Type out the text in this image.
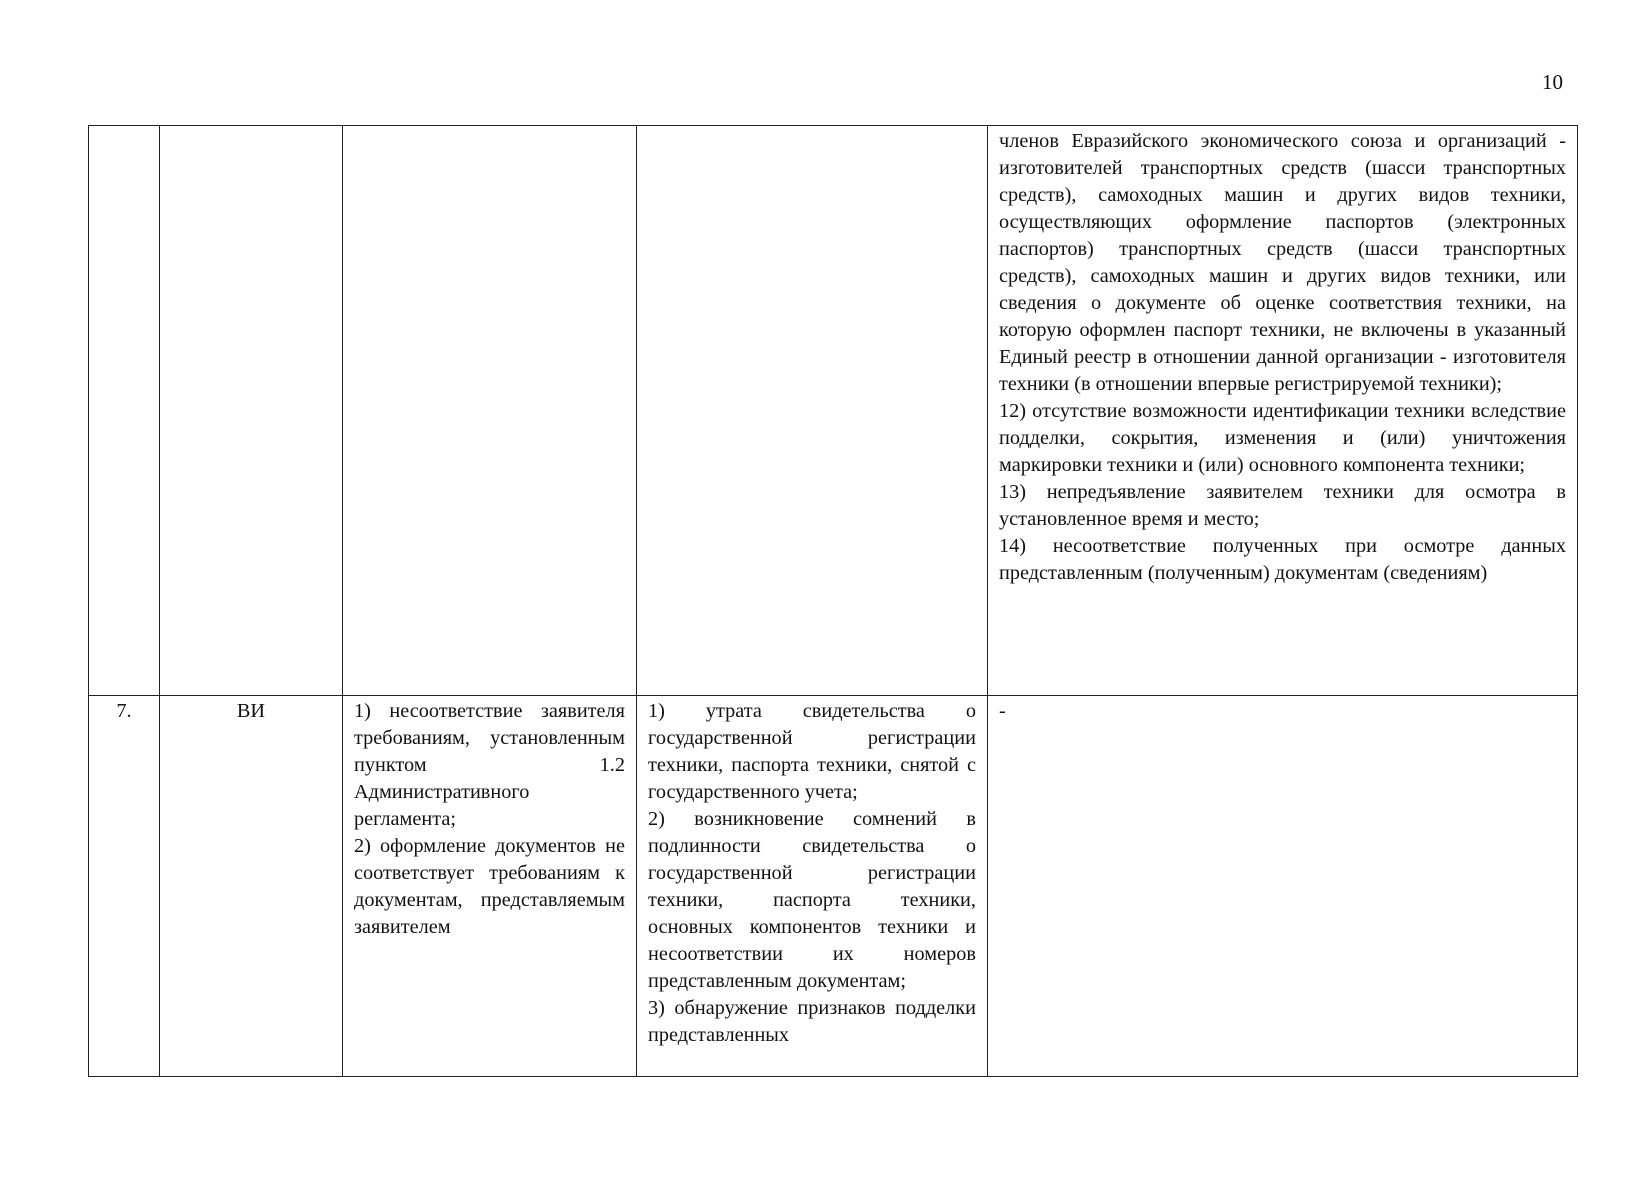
10

				членов Евразийского экономического союза и организаций - изготовителей транспортных средств (шасси транспортных средств), самоходных машин и других видов техники, осуществляющих оформление паспортов (электронных паспортов) транспортных средств (шасси транспортных средств), самоходных машин и других видов техники, или сведения о документе об оценке соответствия техники, на которую оформлен паспорт техники, не включены в указанный Единый реестр в отношении данной организации - изготовителя техники (в отношении впервые регистрируемой техники);
12) отсутствие возможности идентификации техники вследствие подделки, сокрытия, изменения и (или) уничтожения маркировки техники и (или) основного компонента техники;
13) непредъявление заявителем техники для осмотра в установленное время и место;
14) несоответствие полученных при осмотре данных представленным (полученным) документам (сведениям)

7.	ВИ	1) несоответствие заявителя требованиям, установленным пунктом 1.2 Административного регламента;
2) оформление документов не соответствует требованиям к документам, представляемым заявителем	1) утрата свидетельства о государственной регистрации техники, паспорта техники, снятой с государственного учета;
2) возникновение сомнений в подлинности свидетельства о государственной регистрации техники, паспорта техники, основных компонентов техники и несоответствии их номеров представленным документам;
3) обнаружение признаков подделки представленных	-
